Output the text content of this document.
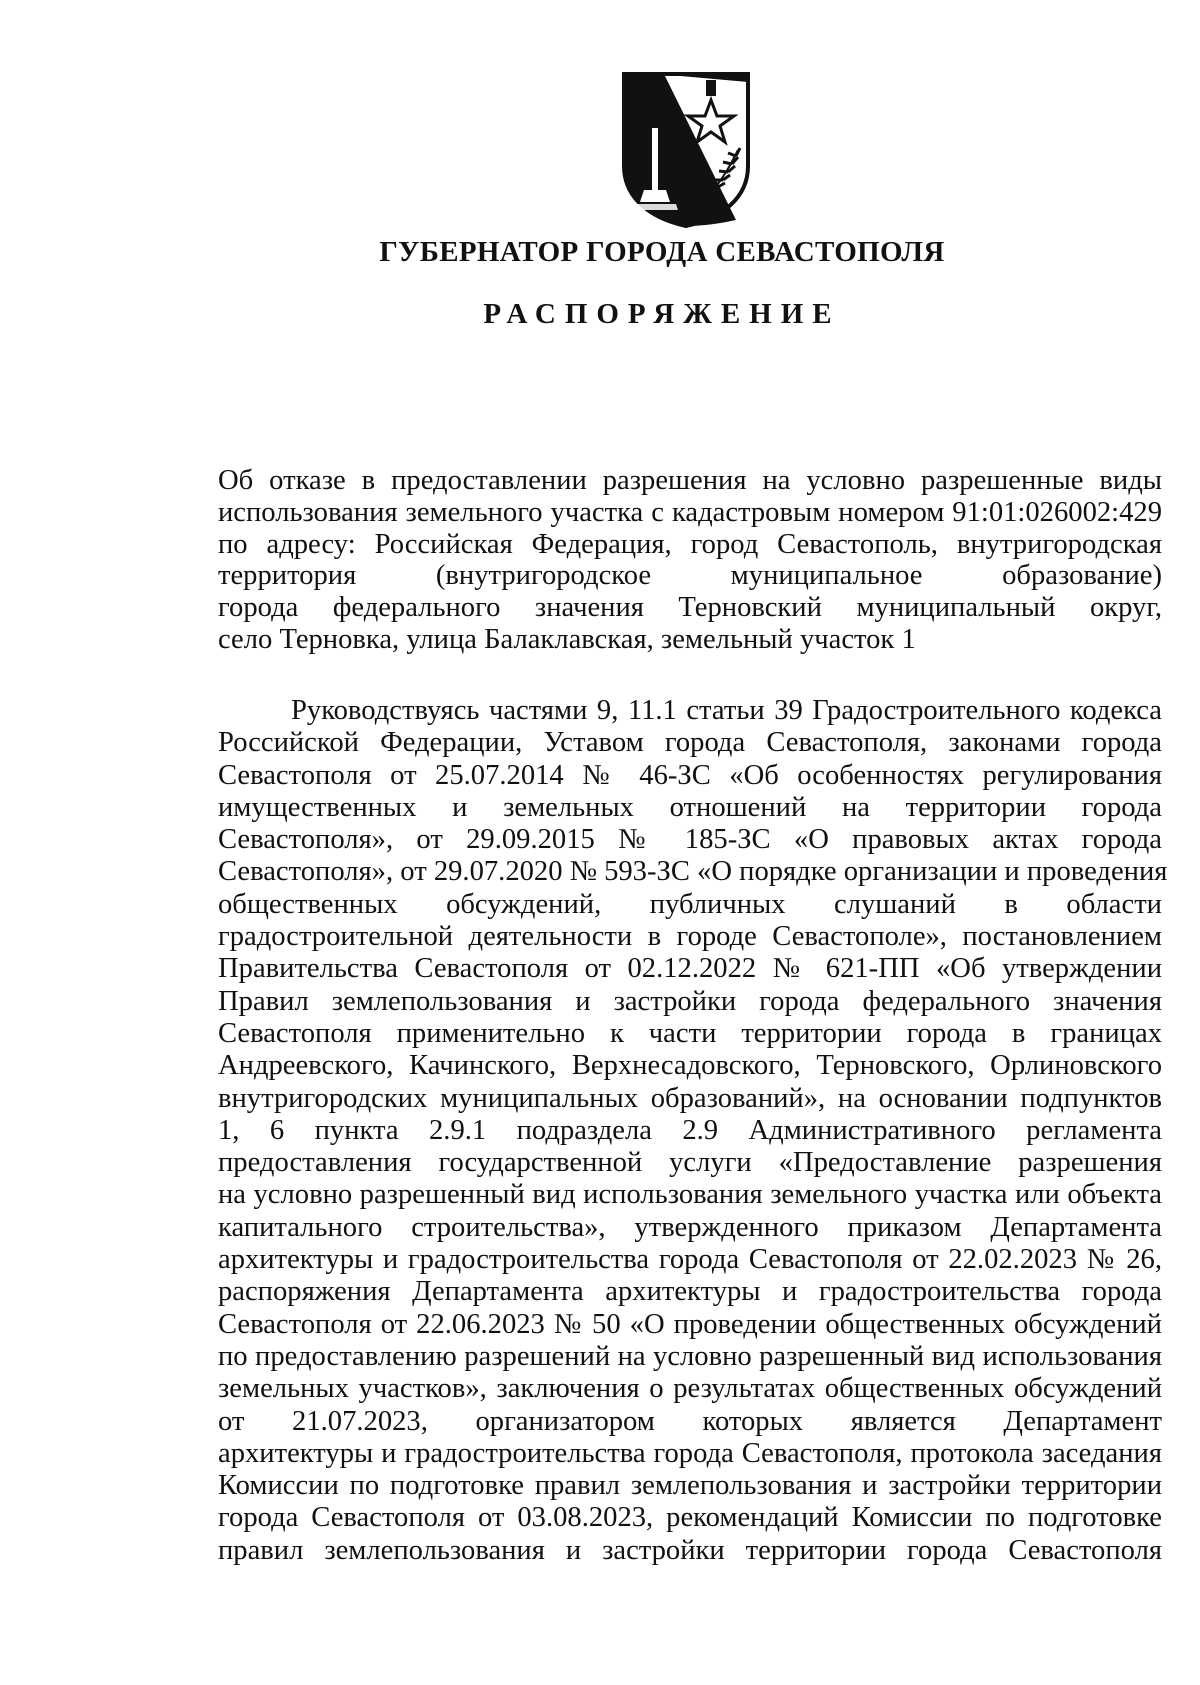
ГУБЕРНАТОР ГОРОДА СЕВАСТОПОЛЯ
РАСПОРЯЖЕНИЕ
Об отказе в предоставлении разрешения на условно разрешенные виды
использования земельного участка с кадастровым номером 91:01:026002:429
по адресу: Российская Федерация, город Севастополь, внутригородская
территория (внутригородское муниципальное образование)
города федерального значения Терновский муниципальный округ,
село Терновка, улица Балаклавская, земельный участок 1
Руководствуясь частями 9, 11.1 статьи 39 Градостроительного кодекса
Российской Федерации, Уставом города Севастополя, законами города
Севастополя от 25.07.2014 № 46-ЗС «Об особенностях регулирования
имущественных и земельных отношений на территории города
Севастополя», от 29.09.2015 № 185-ЗС «О правовых актах города
Севастополя», от 29.07.2020 № 593-ЗС «О порядке организации и проведения
общественных обсуждений, публичных слушаний в области
градостроительной деятельности в городе Севастополе», постановлением
Правительства Севастополя от 02.12.2022 № 621-ПП «Об утверждении
Правил землепользования и застройки города федерального значения
Севастополя применительно к части территории города в границах
Андреевского, Качинского, Верхнесадовского, Терновского, Орлиновского
внутригородских муниципальных образований», на основании подпунктов
1, 6 пункта 2.9.1 подраздела 2.9 Административного регламента
предоставления государственной услуги «Предоставление разрешения
на условно разрешенный вид использования земельного участка или объекта
капитального строительства», утвержденного приказом Департамента
архитектуры и градостроительства города Севастополя от 22.02.2023 № 26,
распоряжения Департамента архитектуры и градостроительства города
Севастополя от 22.06.2023 № 50 «О проведении общественных обсуждений
по предоставлению разрешений на условно разрешенный вид использования
земельных участков», заключения о результатах общественных обсуждений
от 21.07.2023, организатором которых является Департамент
архитектуры и градостроительства города Севастополя, протокола заседания
Комиссии по подготовке правил землепользования и застройки территории
города Севастополя от 03.08.2023, рекомендаций Комиссии по подготовке
правил землепользования и застройки территории города Севастополя
